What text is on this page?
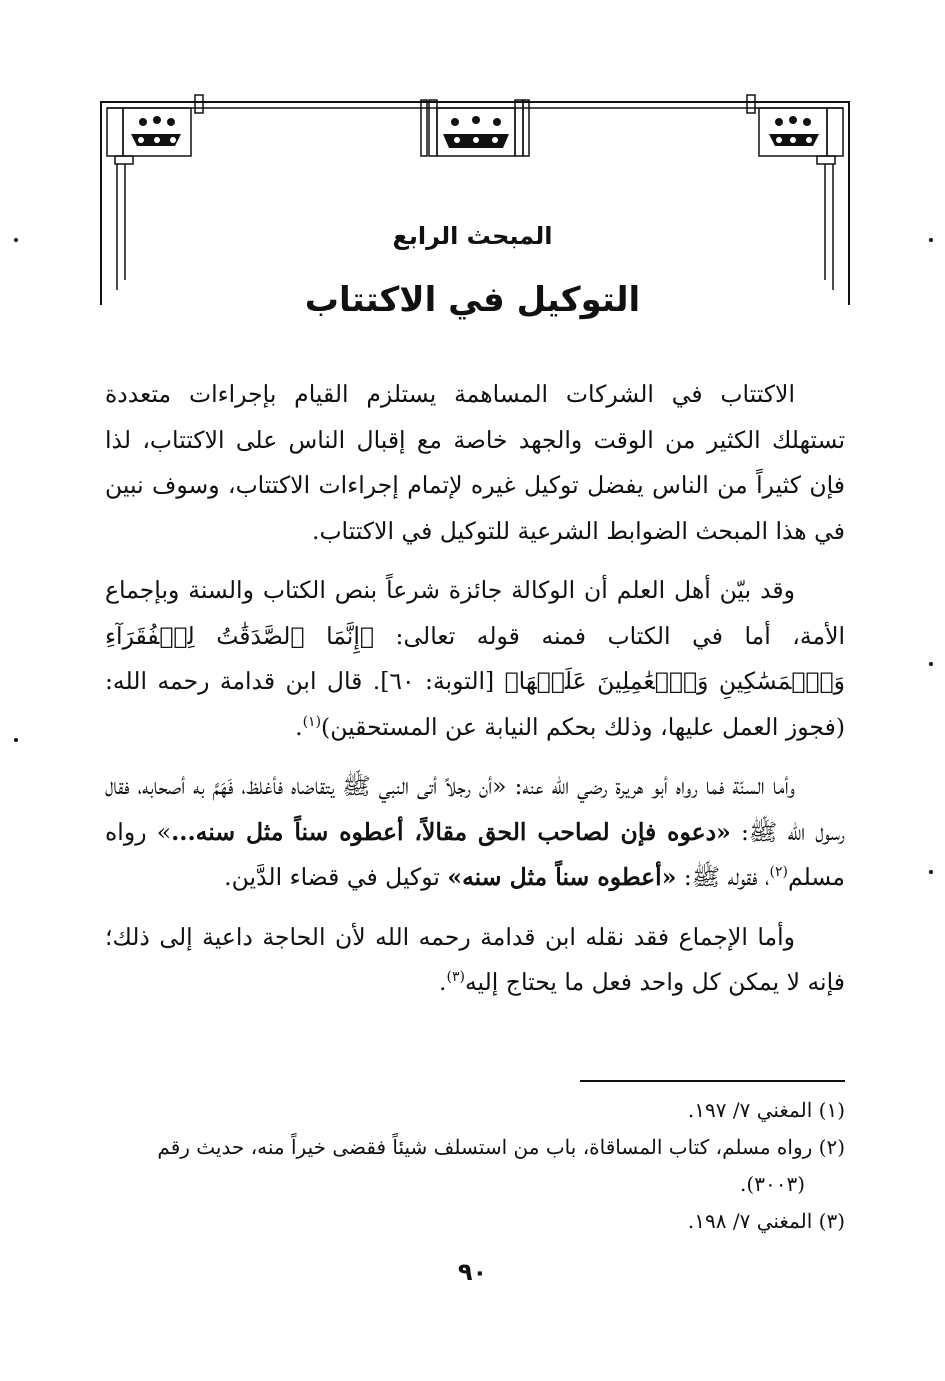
المبحث الرابع
التوكيل في الاكتتاب

الاكتتاب في الشركات المساهمة يستلزم القيام بإجراءات متعددة تستهلك الكثير من الوقت والجهد خاصة مع إقبال الناس على الاكتتاب، لذا فإن كثيراً من الناس يفضل توكيل غيره لإتمام إجراءات الاكتتاب، وسوف نبين في هذا المبحث الضوابط الشرعية للتوكيل في الاكتتاب.

وقد بيّن أهل العلم أن الوكالة جائزة شرعاً بنص الكتاب والسنة وبإجماع الأمة، أما في الكتاب فمنه قوله تعالى: ﴿إِنَّمَا ٱلصَّدَقَٰتُ لِلۡفُقَرَآءِ وَٱلۡمَسَٰكِينِ وَٱلۡعَٰمِلِينَ عَلَيۡهَا﴾ [التوبة: ٦٠]. قال ابن قدامة رحمه الله: (فجوز العمل عليها، وذلك بحكم النيابة عن المستحقين)$^{(١)}$.

وأما السنّة فما رواه أبو هريرة رضي الله عنه: «أن رجلاً أتى النبي ﷺ يتقاضاه فأغلظ، فَهَمَّ به أصحابه، فقال رسول الله ﷺ: «دعوه فإن لصاحب الحق مقالاً، أعطوه سناً مثل سنه...» رواه مسلم$^{(٢)}$، فقوله ﷺ: «أعطوه سناً مثل سنه» توكيل في قضاء الدَّين.

وأما الإجماع فقد نقله ابن قدامة رحمه الله لأن الحاجة داعية إلى ذلك؛ فإنه لا يمكن كل واحد فعل ما يحتاج إليه$^{(٣)}$.

(١) المغني ٧/ ١٩٧.

(٢) رواه مسلم، كتاب المساقاة، باب من استسلف شيئاً فقضى خيراً منه، حديث رقم (٣٠٠٣).

(٣) المغني ٧/ ١٩٨.

٩٠
